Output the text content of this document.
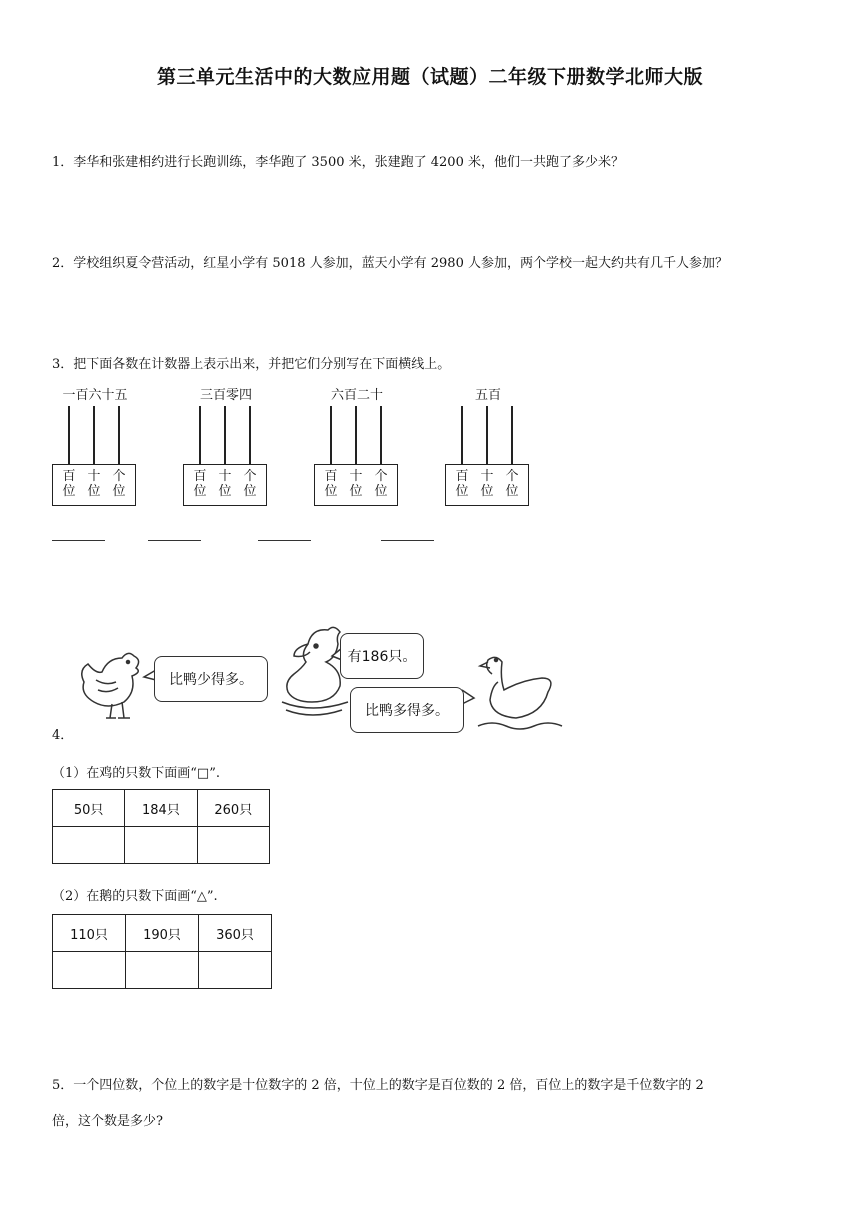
第三单元生活中的大数应用题（试题）二年级下册数学北师大版
1．李华和张建相约进行长跑训练，李华跑了 3500 米，张建跑了 4200 米，他们一共跑了多少米？
2．学校组织夏令营活动，红星小学有 5018 人参加，蓝天小学有 2980 人参加，两个学校一起大约共有几千人参加？
3．把下面各数在计数器上表示出来，并把它们分别写在下面横线上。
一百六十五
百
位
十
位
个
位
三百零四
百
位
十
位
个
位
六百二十
百
位
十
位
个
位
五百
百
位
十
位
个
位
比鸭少得多。
有186只。
比鸭多得多。
4．
（1）在鸡的只数下面画“□”.
50只	184只	260只

（2）在鹅的只数下面画“△”.
110只	190只	360只

5．一个四位数，个位上的数字是十位数字的 2 倍，十位上的数字是百位数的 2 倍，百位上的数字是千位数字的 2
倍，这个数是多少?
